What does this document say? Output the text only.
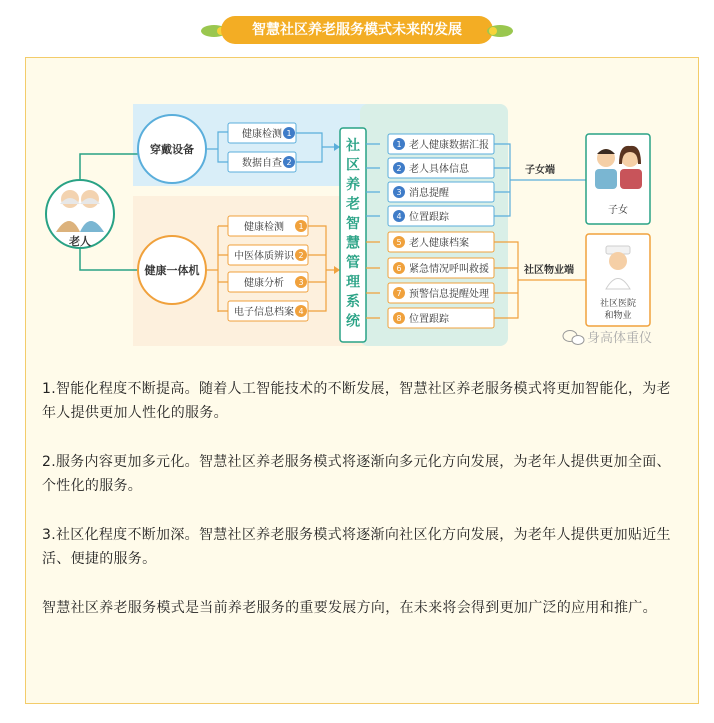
智慧社区养老服务模式未来的发展
老人
穿戴设备
健康检测 1
数据自查 2
健康一体机
健康检测 1
中医体质辨识 2
健康分析 3
电子信息档案 4
社
区
养
老
智
慧
管
理
系
统
1 老人健康数据汇报
2 老人具体信息
3 消息提醒
4 位置跟踪
5 老人健康档案
6 紧急情况呼叫救援
7 预警信息提醒处理
8 位置跟踪
子女端
社区物业端
子女
社区医院
和物业
身高体重仪

1.智能化程度不断提高。随着人工智能技术的不断发展，智慧社区养老服务模式将更加智能化，为老年人提供更加人性化的服务。

2.服务内容更加多元化。智慧社区养老服务模式将逐渐向多元化方向发展，为老年人提供更加全面、个性化的服务。

3.社区化程度不断加深。智慧社区养老服务模式将逐渐向社区化方向发展，为老年人提供更加贴近生活、便捷的服务。

智慧社区养老服务模式是当前养老服务的重要发展方向，在未来将会得到更加广泛的应用和推广。
